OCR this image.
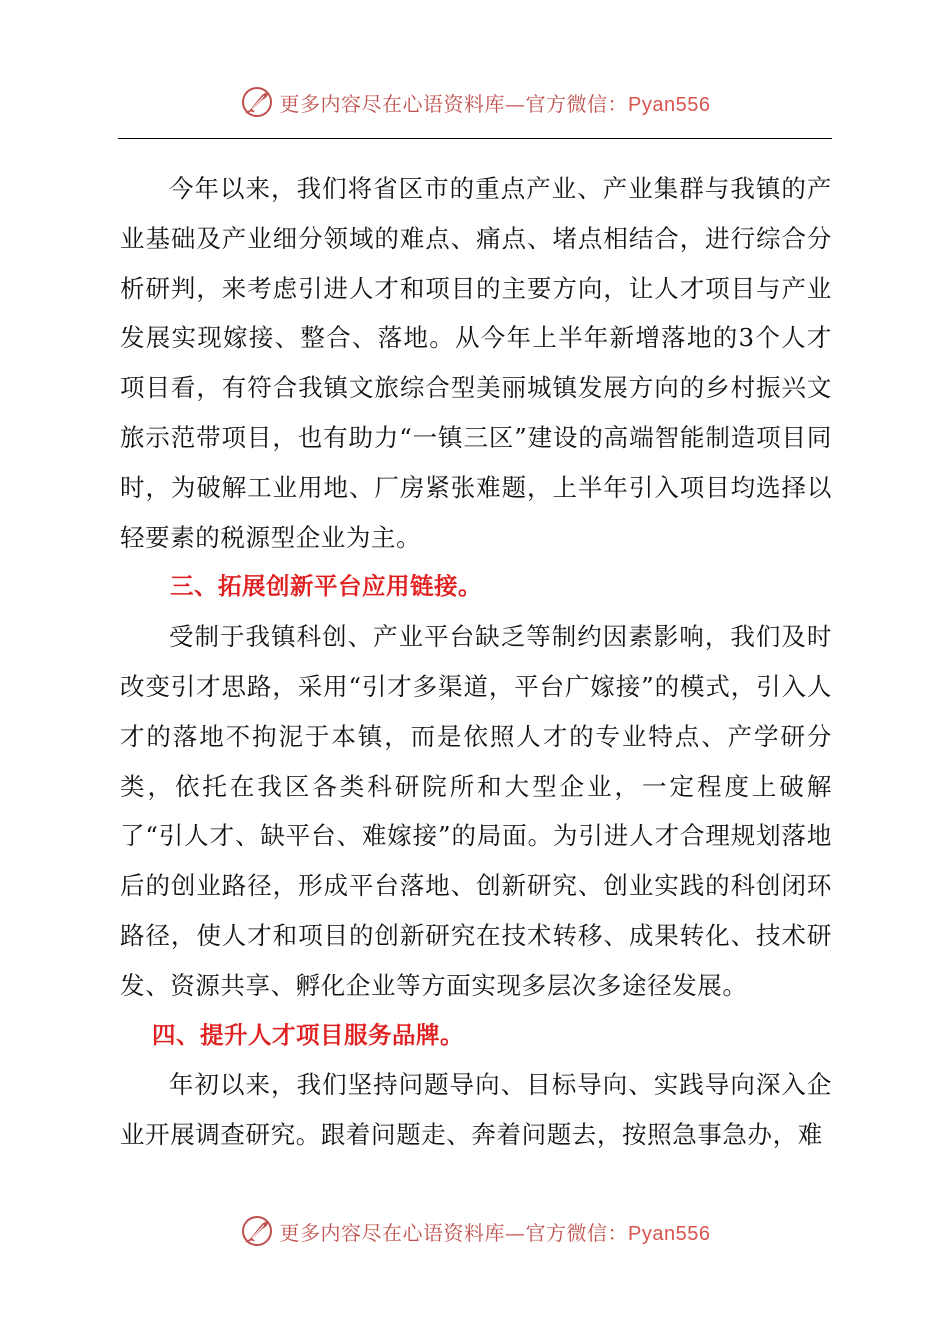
更多内容尽在心语资料库—官方微信：Pyan556

今年以来，我们将省区市的重点产业、产业集群与我镇的产业基础及产业细分领域的难点、痛点、堵点相结合，进行综合分析研判，来考虑引进人才和项目的主要方向，让人才项目与产业发展实现嫁接、整合、落地。从今年上半年新增落地的3个人才项目看，有符合我镇文旅综合型美丽城镇发展方向的乡村振兴文旅示范带项目，也有助力“一镇三区”建设的高端智能制造项目同时，为破解工业用地、厂房紧张难题，上半年引入项目均选择以轻要素的税源型企业为主。

三、拓展创新平台应用链接。

受制于我镇科创、产业平台缺乏等制约因素影响，我们及时改变引才思路，采用“引才多渠道，平台广嫁接”的模式，引入人才的落地不拘泥于本镇，而是依照人才的专业特点、产学研分类，依托在我区各类科研院所和大型企业，一定程度上破解了“引人才、缺平台、难嫁接”的局面。为引进人才合理规划落地后的创业路径，形成平台落地、创新研究、创业实践的科创闭环路径，使人才和项目的创新研究在技术转移、成果转化、技术研发、资源共享、孵化企业等方面实现多层次多途径发展。

四、提升人才项目服务品牌。

年初以来，我们坚持问题导向、目标导向、实践导向深入企业开展调查研究。跟着问题走、奔着问题去，按照急事急办，难

更多内容尽在心语资料库—官方微信：Pyan556
